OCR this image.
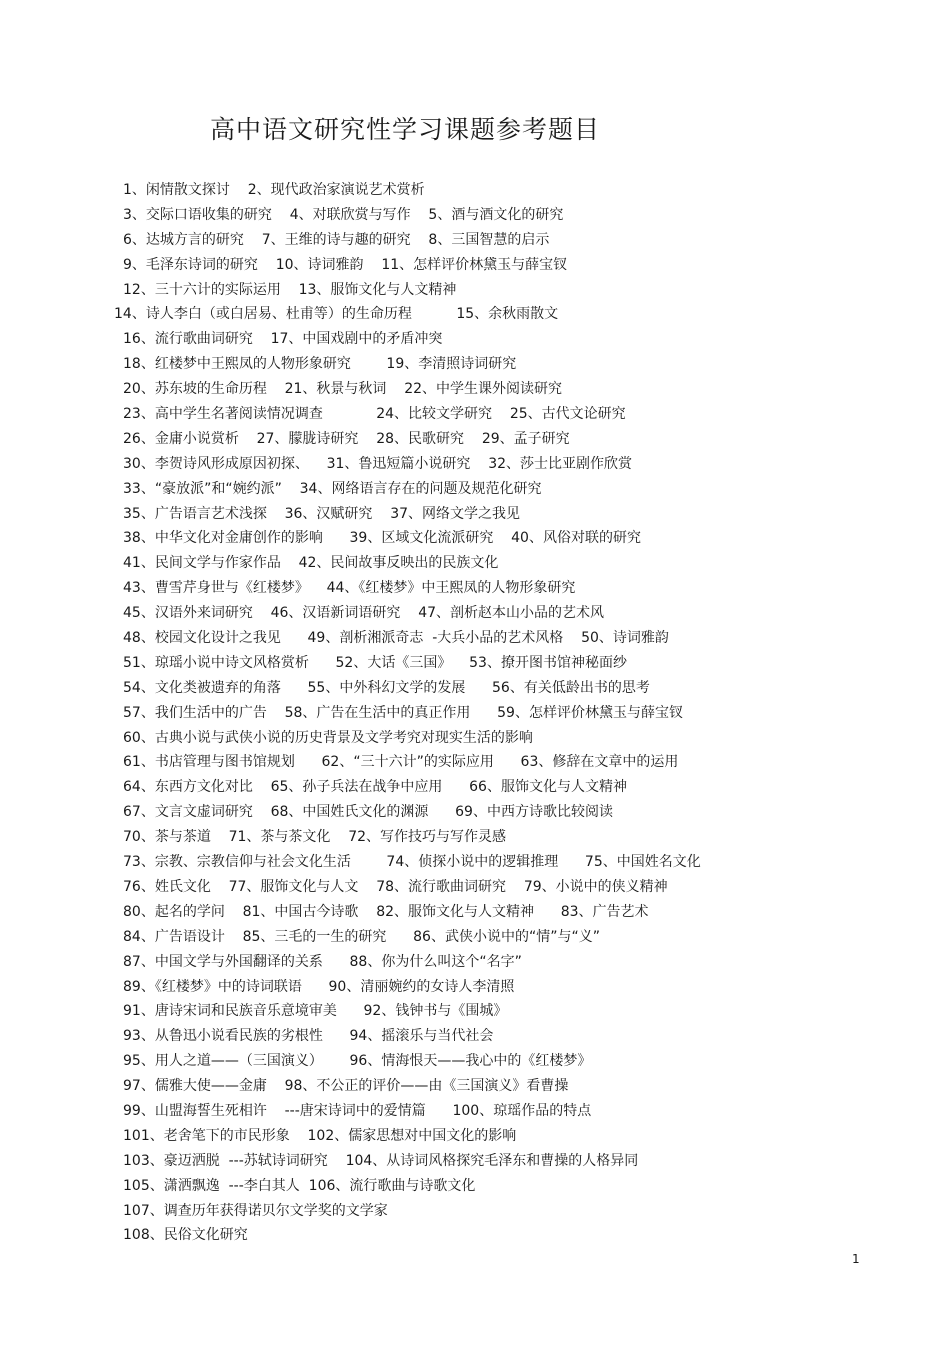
高中语文研究性学习课题参考题目
1、闲情散文探讨    2、现代政治家演说艺术赏析
3、交际口语收集的研究    4、对联欣赏与写作    5、酒与酒文化的研究
6、达城方言的研究    7、王维的诗与趣的研究    8、三国智慧的启示
9、毛泽东诗词的研究    10、诗词雅韵    11、怎样评价林黛玉与薛宝钗
12、三十六计的实际运用    13、服饰文化与人文精神
14、诗人李白（或白居易、杜甫等）的生命历程          15、余秋雨散文
16、流行歌曲词研究    17、中国戏剧中的矛盾冲突
18、红楼梦中王熙凤的人物形象研究        19、李清照诗词研究
20、苏东坡的生命历程    21、秋景与秋词    22、中学生课外阅读研究
23、高中学生名著阅读情况调查            24、比较文学研究    25、古代文论研究
26、金庸小说赏析    27、朦胧诗研究    28、民歌研究    29、孟子研究
30、李贺诗风形成原因初探、    31、鲁迅短篇小说研究    32、莎士比亚剧作欣赏
33、“豪放派”和“婉约派”    34、网络语言存在的问题及规范化研究
35、广告语言艺术浅探    36、汉赋研究    37、网络文学之我见
38、中华文化对金庸创作的影响      39、区域文化流派研究    40、风俗对联的研究
41、民间文学与作家作品    42、民间故事反映出的民族文化
43、曹雪芹身世与《红楼梦》    44、《红楼梦》中王熙凤的人物形象研究
45、汉语外来词研究    46、汉语新词语研究    47、剖析赵本山小品的艺术风
48、校园文化设计之我见      49、剖析湘派奇志  -大兵小品的艺术风格    50、诗词雅韵
51、琼瑶小说中诗文风格赏析      52、大话《三国》    53、撩开图书馆神秘面纱
54、文化类被遗弃的角落      55、中外科幻文学的发展      56、有关低龄出书的思考
57、我们生活中的广告    58、广告在生活中的真正作用      59、怎样评价林黛玉与薛宝钗
60、古典小说与武侠小说的历史背景及文学考究对现实生活的影响
61、书店管理与图书馆规划      62、“三十六计”的实际应用      63、修辞在文章中的运用
64、东西方文化对比    65、孙子兵法在战争中应用      66、服饰文化与人文精神
67、文言文虚词研究    68、中国姓氏文化的渊源      69、中西方诗歌比较阅读
70、茶与茶道    71、茶与茶文化    72、写作技巧与写作灵感
73、宗教、宗教信仰与社会文化生活        74、侦探小说中的逻辑推理      75、中国姓名文化
76、姓氏文化    77、服饰文化与人文    78、流行歌曲词研究    79、小说中的侠义精神
80、起名的学问    81、中国古今诗歌    82、服饰文化与人文精神      83、广告艺术
84、广告语设计    85、三毛的一生的研究      86、武侠小说中的“情”与“义”
87、中国文学与外国翻译的关系      88、你为什么叫这个“名字”
89、《红楼梦》中的诗词联语      90、清丽婉约的女诗人李清照
91、唐诗宋词和民族音乐意境审美      92、钱钟书与《围城》
93、从鲁迅小说看民族的劣根性      94、摇滚乐与当代社会
95、用人之道——（三国演义）      96、情海恨天——我心中的《红楼梦》
97、儒雅大使——金庸    98、不公正的评价——由《三国演义》看曹操
99、山盟海誓生死相许    ---唐宋诗词中的爱情篇      100、琼瑶作品的特点
101、老舍笔下的市民形象    102、儒家思想对中国文化的影响
103、豪迈洒脱  ---苏轼诗词研究    104、从诗词风格探究毛泽东和曹操的人格异同
105、潇洒飘逸  ---李白其人  106、流行歌曲与诗歌文化
107、调查历年获得诺贝尔文学奖的文学家
108、民俗文化研究
1
